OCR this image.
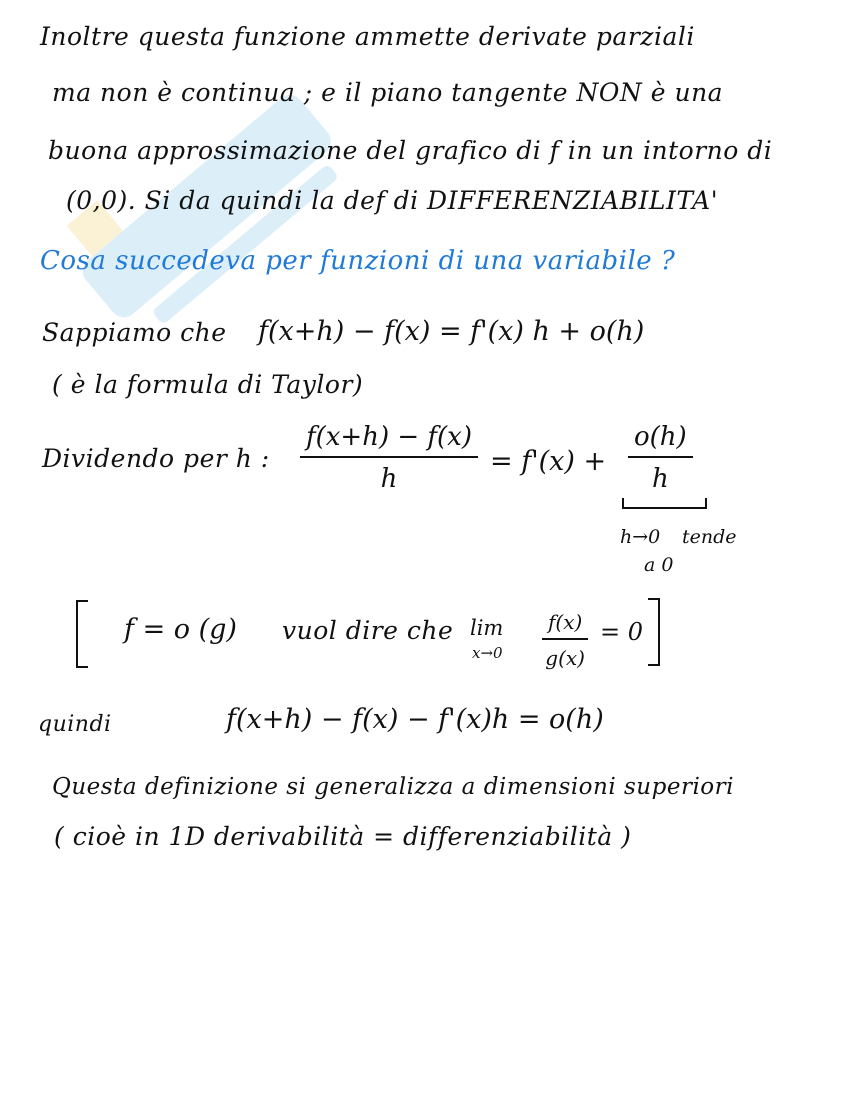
Inoltre questa funzione ammette derivate parziali
ma non è continua ; e il piano tangente NON è una
buona approssimazione del grafico di f in un intorno di
(0,0). Si da quindi la def di DIFFERENZIABILITA'
Cosa succedeva per funzioni di una variabile ?
Sappiamo che f(x+h) − f(x) = f'(x) h + o(h)
( è la formula di Taylor)
Dividendo per h : $\frac{f(x+h) - f(x)}{h} = f'(x) + \frac{o(h)}{h}$
h→0 tende
a 0
f = o (g) vuol dire che lim
$x\to 0 \frac{f(x)}{g(x)} = 0$
quindi	f(x+h) − f(x) − f'(x)h = o(h)
Questa definizione si generalizza a dimensioni superiori
( cioè in 1D derivabilità = differenziabilità )
